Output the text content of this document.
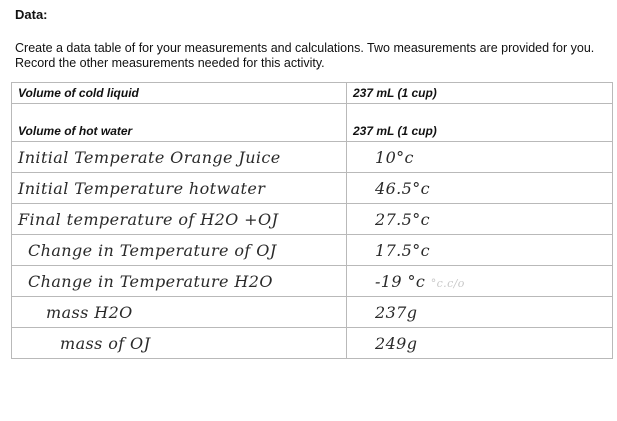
Data:

Create a data table of for your measurements and calculations. Two measurements are provided for you. Record the other measurements needed for this activity.

Volume of cold liquid	237 mL (1 cup)
Volume of hot water	237 mL (1 cup)
Initial Temperate Orange Juice	10°c
Initial Temperature hotwater	46.5°c
Final temperature of H2O +OJ	27.5°c
Change in Temperature of OJ	17.5°c
Change in Temperature H2O	-19 °c °c.c/o
mass H2O	237g
mass of OJ	249g
